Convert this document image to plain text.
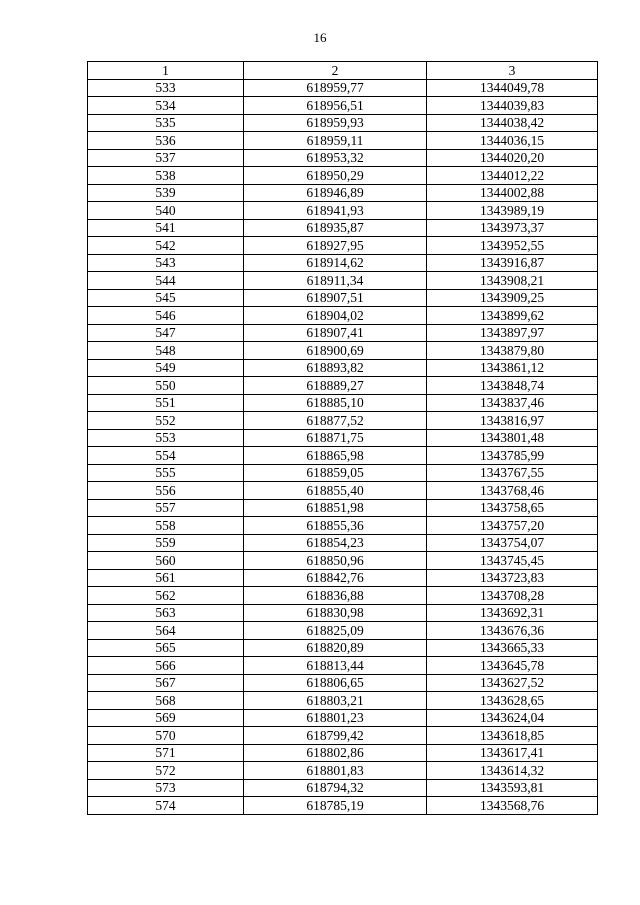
16
1	2	3
533	618959,77	1344049,78
534	618956,51	1344039,83
535	618959,93	1344038,42
536	618959,11	1344036,15
537	618953,32	1344020,20
538	618950,29	1344012,22
539	618946,89	1344002,88
540	618941,93	1343989,19
541	618935,87	1343973,37
542	618927,95	1343952,55
543	618914,62	1343916,87
544	618911,34	1343908,21
545	618907,51	1343909,25
546	618904,02	1343899,62
547	618907,41	1343897,97
548	618900,69	1343879,80
549	618893,82	1343861,12
550	618889,27	1343848,74
551	618885,10	1343837,46
552	618877,52	1343816,97
553	618871,75	1343801,48
554	618865,98	1343785,99
555	618859,05	1343767,55
556	618855,40	1343768,46
557	618851,98	1343758,65
558	618855,36	1343757,20
559	618854,23	1343754,07
560	618850,96	1343745,45
561	618842,76	1343723,83
562	618836,88	1343708,28
563	618830,98	1343692,31
564	618825,09	1343676,36
565	618820,89	1343665,33
566	618813,44	1343645,78
567	618806,65	1343627,52
568	618803,21	1343628,65
569	618801,23	1343624,04
570	618799,42	1343618,85
571	618802,86	1343617,41
572	618801,83	1343614,32
573	618794,32	1343593,81
574	618785,19	1343568,76
